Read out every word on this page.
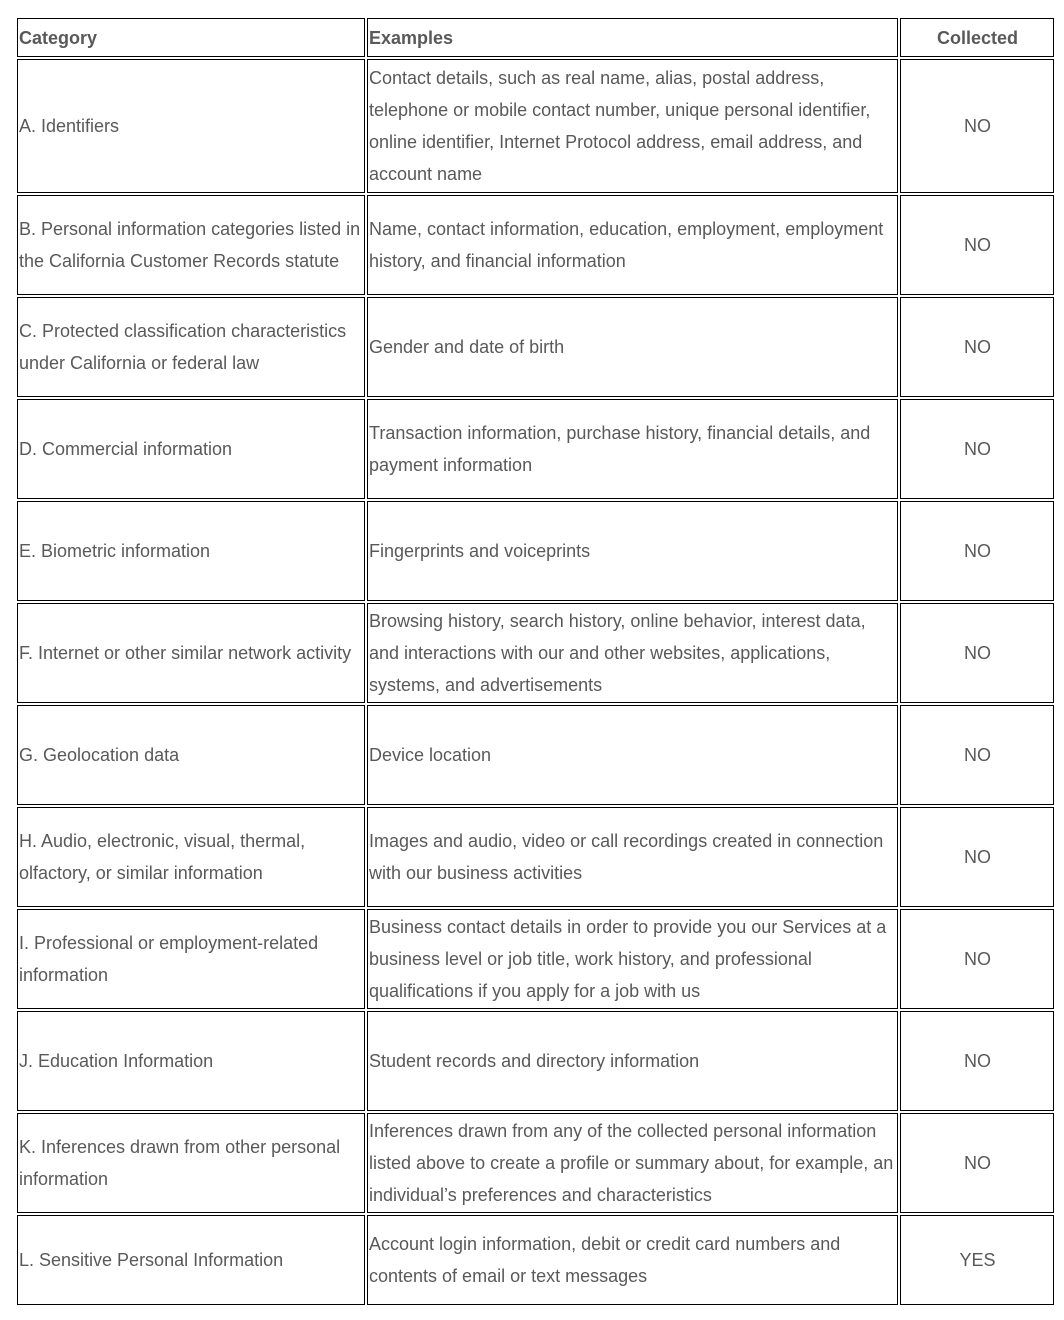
Category	Examples	Collected
A. Identifiers	Contact details, such as real name, alias, postal address, telephone or mobile contact number, unique personal identifier, online identifier, Internet Protocol address, email address, and account name	NO
B. Personal information categories listed in the California Customer Records statute	Name, contact information, education, employment, employment history, and financial information	NO
C. Protected classification characteristics under California or federal law	Gender and date of birth	NO
D. Commercial information	Transaction information, purchase history, financial details, and payment information	NO
E. Biometric information	Fingerprints and voiceprints	NO
F. Internet or other similar network activity	Browsing history, search history, online behavior, interest data, and interactions with our and other websites, applications, systems, and advertisements	NO
G. Geolocation data	Device location	NO
H. Audio, electronic, visual, thermal, olfactory, or similar information	Images and audio, video or call recordings created in connection with our business activities	NO
I. Professional or employment-related information	Business contact details in order to provide you our Services at a business level or job title, work history, and professional qualifications if you apply for a job with us	NO
J. Education Information	Student records and directory information	NO
K. Inferences drawn from other personal information	Inferences drawn from any of the collected personal information listed above to create a profile or summary about, for example, an individual’s preferences and characteristics	NO
L. Sensitive Personal Information	Account login information, debit or credit card numbers and contents of email or text messages	YES
